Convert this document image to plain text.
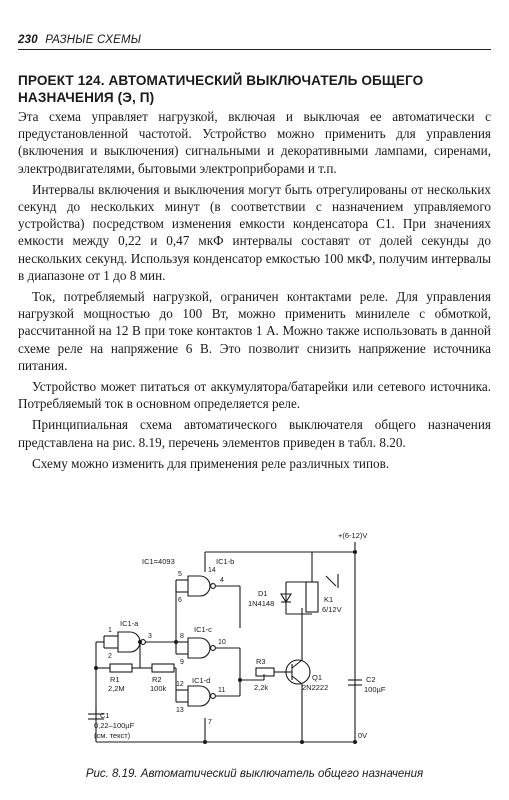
230 РАЗНЫЕ СХЕМЫ
ПРОЕКТ 124. АВТОМАТИЧЕСКИЙ ВЫКЛЮЧАТЕЛЬ ОБЩЕГО НАЗНАЧЕНИЯ (Э, П)

Эта схема управляет нагрузкой, включая и выключая ее автоматически с предустановленной частотой. Устройство можно применить для управления (включения и выключения) сигнальными и декоративными лампами, сиренами, электродвигателями, бытовыми электроприборами и т.п.

Интервалы включения и выключения могут быть отрегулированы от нескольких секунд до нескольких минут (в соответствии с назначением управляемого устройства) посредством изменения емкости конденсатора C1. При значениях емкости между 0,22 и 0,47 мкФ интервалы составят от долей секунды до нескольких секунд. Используя конденсатор емкостью 100 мкФ, получим интервалы в диапазоне от 1 до 8 мин.

Ток, потребляемый нагрузкой, ограничен контактами реле. Для управления нагрузкой мощностью до 100 Вт, можно применить минилеле с обмоткой, рассчитанной на 12 В при токе контактов 1 А. Можно также использовать в данной схеме реле на напряжение 6 В. Это позволит снизить напряжение источника питания.

Устройство может питаться от аккумулятора/батарейки или сетевого источника. Потребляемый ток в основном определяется реле.

Принципиальная схема автоматического выключателя общего назначения представлена на рис. 8.19, перечень элементов приведен в табл. 8.20.

Схему можно изменить для применения реле различных типов.

IC1=4093	IC1-b
IC1-a
IC1-c
IC1-d
+(6-12)V
0V
D1
1N4148	K1
6/12V
C2
100µF
Q1
2N2222
R1
2,2M
R2
100k
R3
2,2k
C1
0,22–100µF
(см. текст)
1
2
3
4
5
6
7
8
9
10
11
12
13
14
Рис. 8.19. Автоматический выключатель общего назначения
